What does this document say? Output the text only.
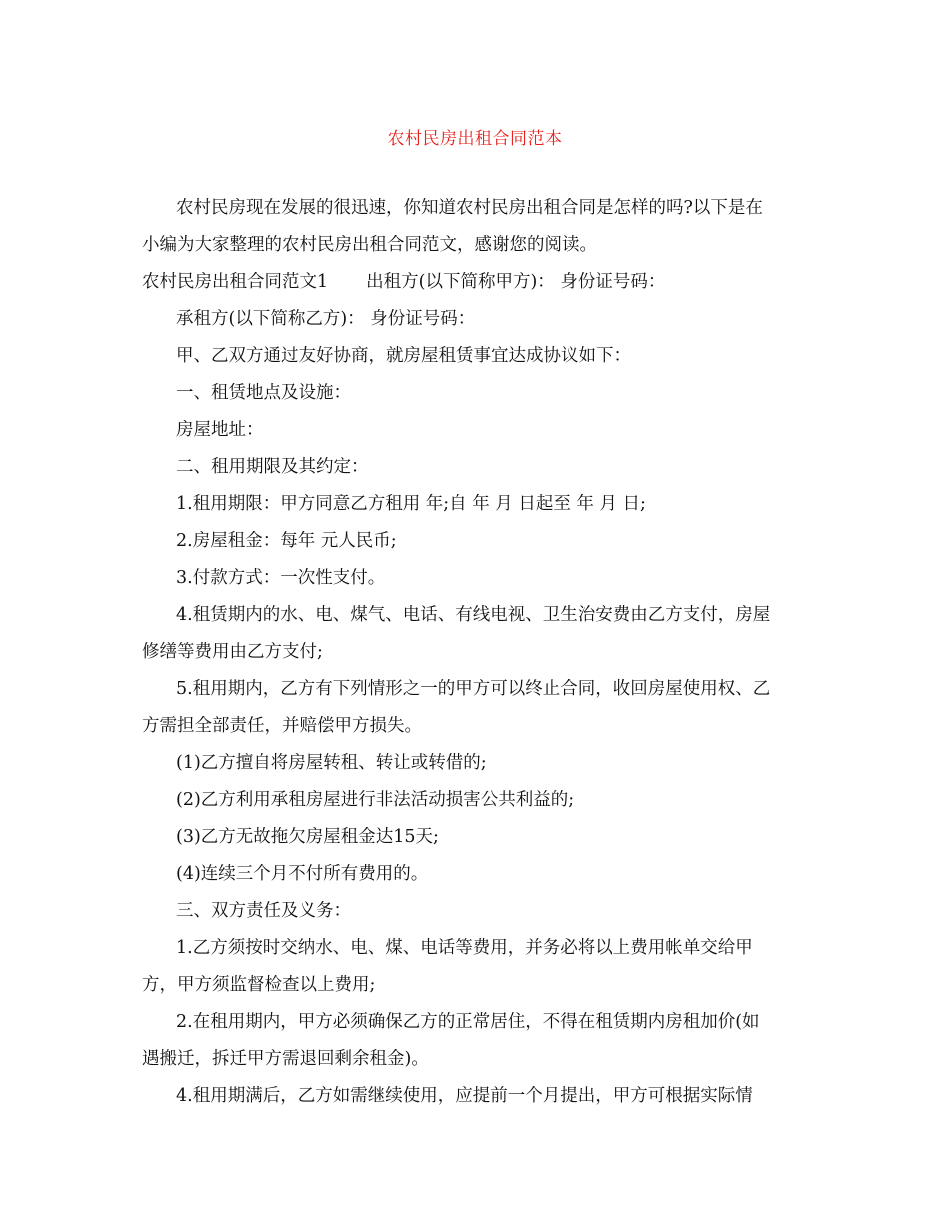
农村民房出租合同范本
农村民房现在发展的很迅速，你知道农村民房出租合同是怎样的吗?以下是在
小编为大家整理的农村民房出租合同范文，感谢您的阅读。
农村民房出租合同范文1 出租方(以下简称甲方)： 身份证号码：
承租方(以下简称乙方)： 身份证号码：
甲、乙双方通过友好协商，就房屋租赁事宜达成协议如下：
一、租赁地点及设施：
房屋地址：
二、租用期限及其约定：
1.租用期限：甲方同意乙方租用 年;自 年 月 日起至 年 月 日;
2.房屋租金：每年 元人民币;
3.付款方式：一次性支付。
4.租赁期内的水、电、煤气、电话、有线电视、卫生治安费由乙方支付，房屋
修缮等费用由乙方支付;
5.租用期内，乙方有下列情形之一的甲方可以终止合同，收回房屋使用权、乙
方需担全部责任，并赔偿甲方损失。
(1)乙方擅自将房屋转租、转让或转借的;
(2)乙方利用承租房屋进行非法活动损害公共利益的;
(3)乙方无故拖欠房屋租金达15天;
(4)连续三个月不付所有费用的。
三、双方责任及义务：
1.乙方须按时交纳水、电、煤、电话等费用，并务必将以上费用帐单交给甲
方，甲方须监督检查以上费用;
2.在租用期内，甲方必须确保乙方的正常居住，不得在租赁期内房租加价(如
遇搬迁，拆迁甲方需退回剩余租金)。
4.租用期满后，乙方如需继续使用，应提前一个月提出，甲方可根据实际情
